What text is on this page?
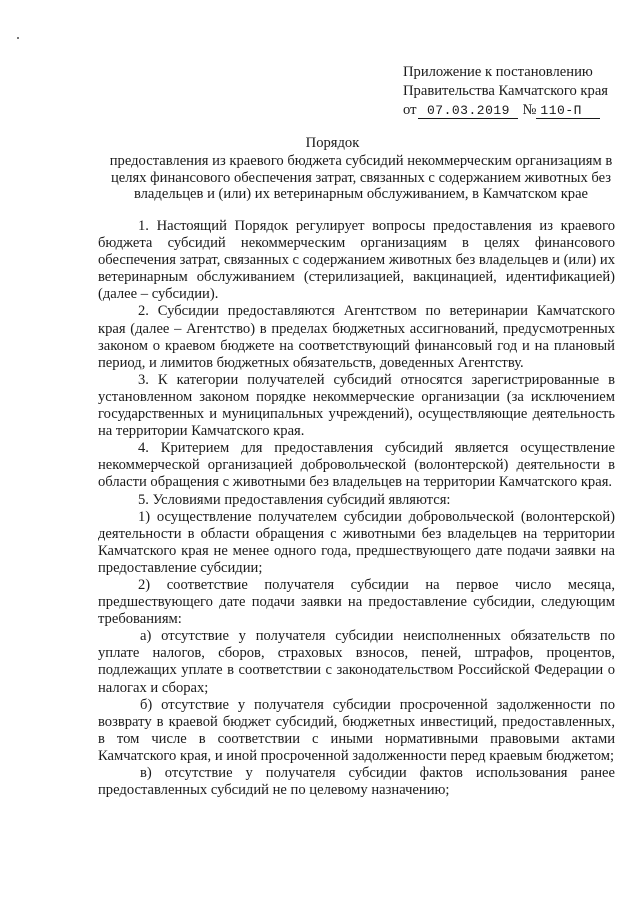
Приложение к постановлению
Правительства Камчатского края
от 07.03.2019 № 110-П
Порядок
предоставления из краевого бюджета субсидий некоммерческим организациям в целях финансового обеспечения затрат, связанных с содержанием животных без владельцев и (или) их ветеринарным обслуживанием, в Камчатском крае

1. Настоящий Порядок регулирует вопросы предоставления из краевого бюджета субсидий некоммерческим организациям в целях финансового обеспечения затрат, связанных с содержанием животных без владельцев и (или) их ветеринарным обслуживанием (стерилизацией, вакцинацией, идентификацией) (далее – субсидии).

2. Субсидии предоставляются Агентством по ветеринарии Камчатского края (далее – Агентство) в пределах бюджетных ассигнований, предусмотренных законом о краевом бюджете на соответствующий финансовый год и на плановый период, и лимитов бюджетных обязательств, доведенных Агентству.

3. К категории получателей субсидий относятся зарегистрированные в установленном законом порядке некоммерческие организации (за исключением государственных и муниципальных учреждений), осуществляющие деятельность на территории Камчатского края.

4. Критерием для предоставления субсидий является осуществление некоммерческой организацией добровольческой (волонтерской) деятельности в области обращения с животными без владельцев на территории Камчатского края.

5. Условиями предоставления субсидий являются:

1) осуществление получателем субсидии добровольческой (волонтерской) деятельности в области обращения с животными без владельцев на территории Камчатского края не менее одного года, предшествующего дате подачи заявки на предоставление субсидии;

2) соответствие получателя субсидии на первое число месяца, предшествующего дате подачи заявки на предоставление субсидии, следующим требованиям:

а) отсутствие у получателя субсидии неисполненных обязательств по уплате налогов, сборов, страховых взносов, пеней, штрафов, процентов, подлежащих уплате в соответствии с законодательством Российской Федерации о налогах и сборах;

б) отсутствие у получателя субсидии просроченной задолженности по возврату в краевой бюджет субсидий, бюджетных инвестиций, предоставленных, в том числе в соответствии с иными нормативными правовыми актами Камчатского края, и иной просроченной задолженности перед краевым бюджетом;

в) отсутствие у получателя субсидии фактов использования ранее предоставленных субсидий не по целевому назначению;
